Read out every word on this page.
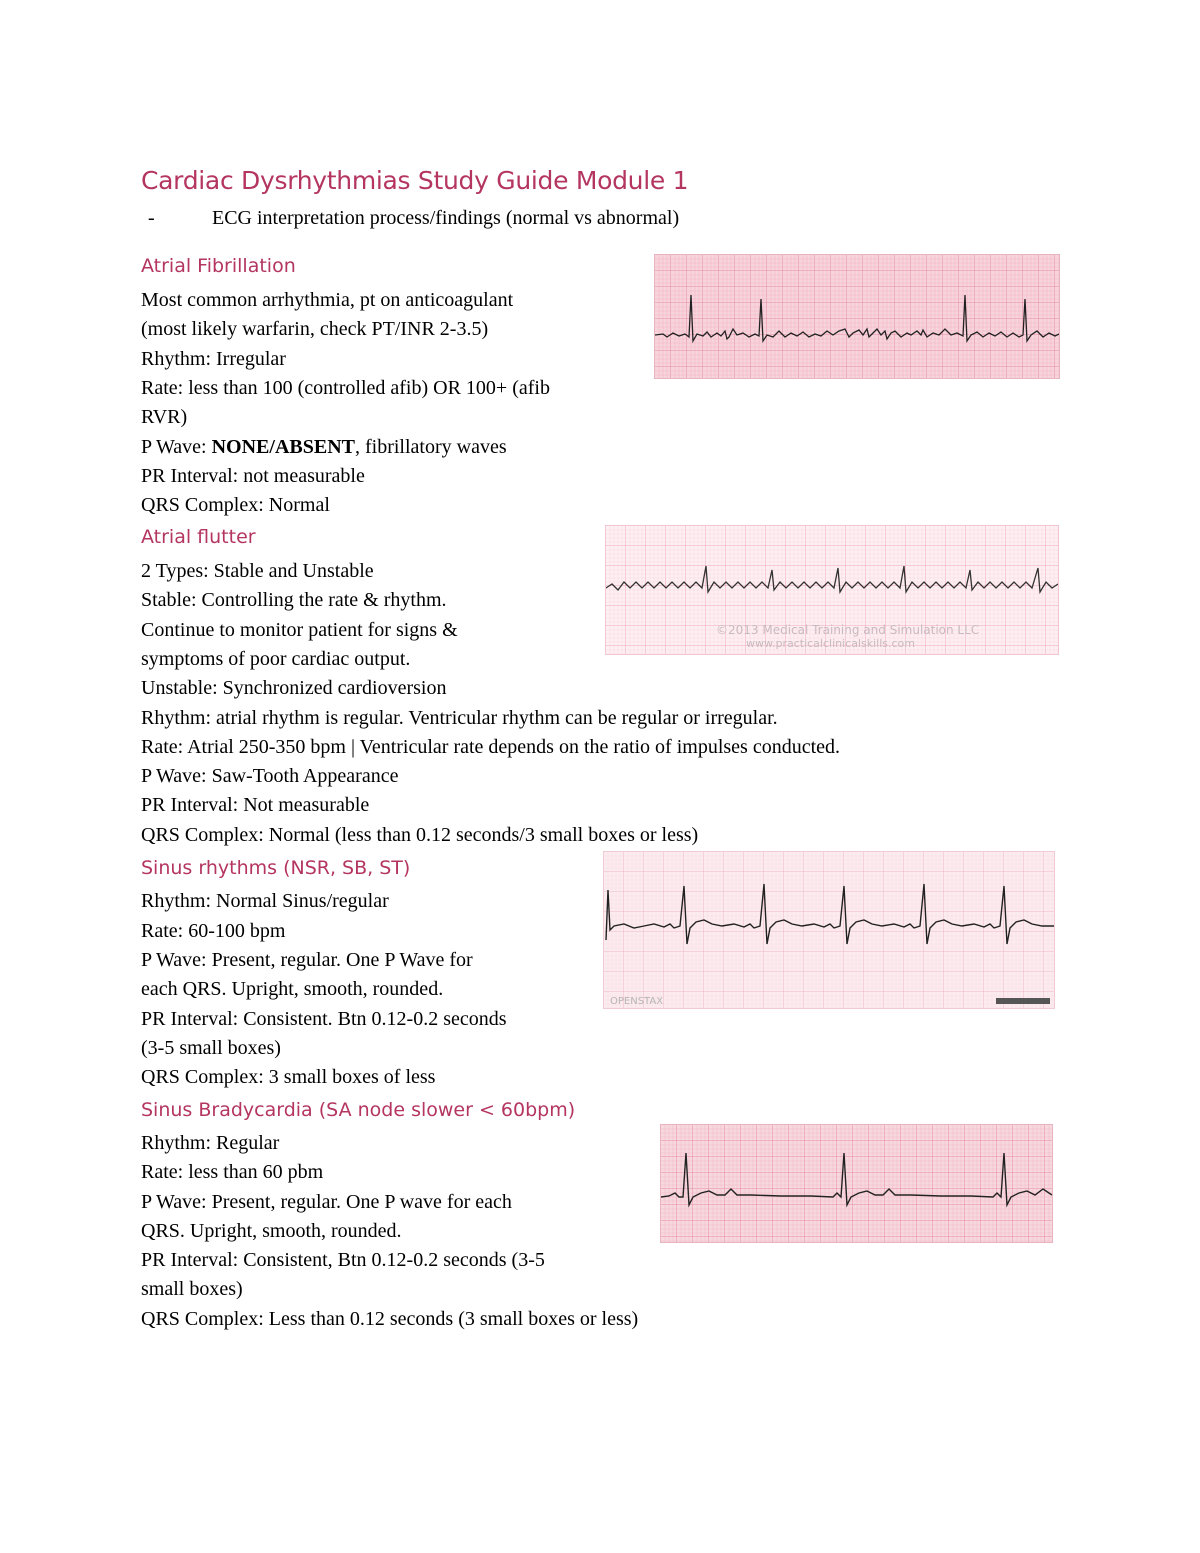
Cardiac Dysrhythmias Study Guide Module 1
-	ECG interpretation process/findings (normal vs abnormal)
Atrial Fibrillation
Most common arrhythmia, pt on anticoagulant
(most likely warfarin, check PT/INR 2-3.5)
Rhythm: Irregular
Rate: less than 100 (controlled afib) OR 100+ (afib
RVR)
P Wave: NONE/ABSENT, fibrillatory waves
PR Interval: not measurable
QRS Complex: Normal
Atrial flutter
2 Types: Stable and Unstable
Stable: Controlling the rate & rhythm.
Continue to monitor patient for signs &
symptoms of poor cardiac output.
Unstable: Synchronized cardioversion
Rhythm: atrial rhythm is regular. Ventricular rhythm can be regular or irregular.
Rate: Atrial 250-350 bpm | Ventricular rate depends on the ratio of impulses conducted.
P Wave: Saw-Tooth Appearance
PR Interval: Not measurable
QRS Complex: Normal (less than 0.12 seconds/3 small boxes or less)
©2013 Medical Training and Simulation LLC
www.practicalclinicalskills.com
Sinus rhythms (NSR, SB, ST)
Rhythm: Normal Sinus/regular
Rate: 60-100 bpm
P Wave: Present, regular. One P Wave for
each QRS. Upright, smooth, rounded.
PR Interval: Consistent. Btn 0.12-0.2 seconds
(3-5 small boxes)
QRS Complex: 3 small boxes of less
OPENSTAX
Sinus Bradycardia (SA node slower < 60bpm)
Rhythm: Regular
Rate: less than 60 pbm
P Wave: Present, regular. One P wave for each
QRS. Upright, smooth, rounded.
PR Interval: Consistent, Btn 0.12-0.2 seconds (3-5
small boxes)
QRS Complex: Less than 0.12 seconds (3 small boxes or less)
